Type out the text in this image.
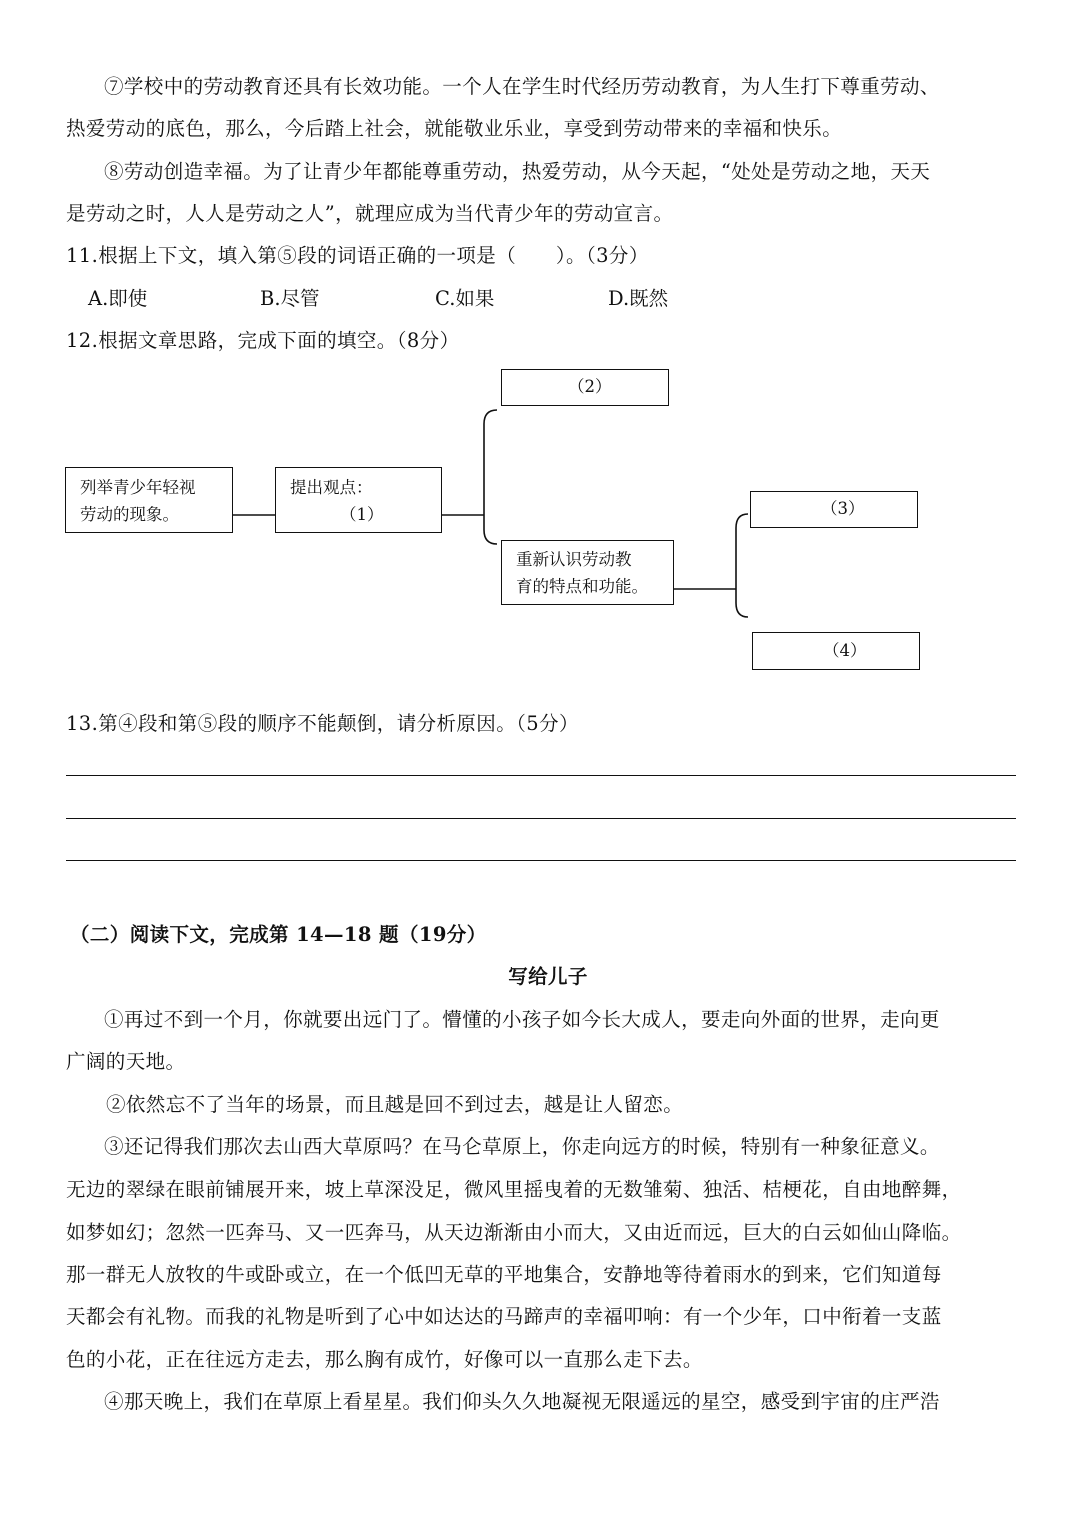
⑦学校中的劳动教育还具有长效功能。一个人在学生时代经历劳动教育，为人生打下尊重劳动、
热爱劳动的底色，那么，今后踏上社会，就能敬业乐业，享受到劳动带来的幸福和快乐。
⑧劳动创造幸福。为了让青少年都能尊重劳动，热爱劳动，从今天起，“处处是劳动之地，天天
是劳动之时，人人是劳动之人”，就理应成为当代青少年的劳动宣言。
11.根据上下文，填入第⑤段的词语正确的一项是（　　）。（3分）
A.即使	B.尽管	C.如果	D.既然
12.根据文章思路，完成下面的填空。（8分）
（2）
列举青少年轻视
劳动的现象。
提出观点：
（1）
重新认识劳动教
育的特点和功能。
（3）
（4）
13.第④段和第⑤段的顺序不能颠倒，请分析原因。（5分）
（二）阅读下文，完成第 14—18 题（19分）
写给儿子
①再过不到一个月，你就要出远门了。懵懂的小孩子如今长大成人，要走向外面的世界，走向更
广阔的天地。
②依然忘不了当年的场景，而且越是回不到过去，越是让人留恋。
③还记得我们那次去山西大草原吗？在马仑草原上，你走向远方的时候，特别有一种象征意义。
无边的翠绿在眼前铺展开来，坡上草深没足，微风里摇曳着的无数雏菊、独活、桔梗花，自由地醉舞，
如梦如幻；忽然一匹奔马、又一匹奔马，从天边渐渐由小而大，又由近而远，巨大的白云如仙山降临。
那一群无人放牧的牛或卧或立，在一个低凹无草的平地集合，安静地等待着雨水的到来，它们知道每
天都会有礼物。而我的礼物是听到了心中如达达的马蹄声的幸福叩响：有一个少年，口中衔着一支蓝
色的小花，正在往远方走去，那么胸有成竹，好像可以一直那么走下去。
④那天晚上，我们在草原上看星星。我们仰头久久地凝视无限遥远的星空，感受到宇宙的庄严浩
